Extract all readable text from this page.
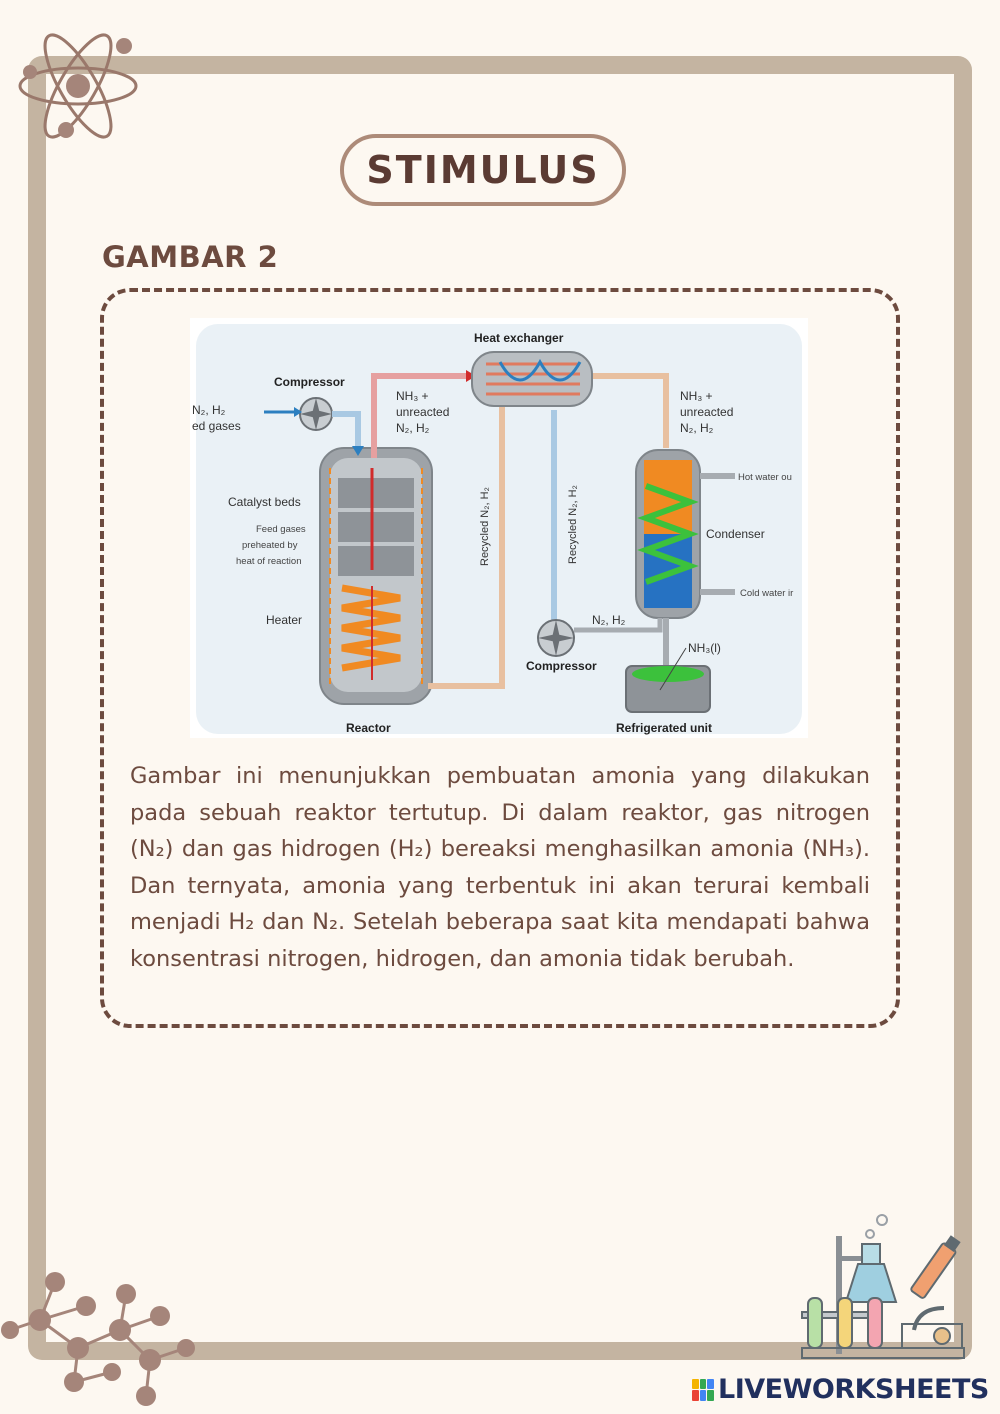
STIMULUS
GAMBAR 2
Heat exchanger
Compressor
Reactor
Compressor
Refrigerated unit
N₂, H₂
ed gases
NH₃ +
unreacted
N₂, H₂
NH₃ +
unreacted
N₂, H₂
Catalyst beds
Heater
Condenser
N₂, H₂
NH₃(l)
Feed gases
preheated by
heat of reaction
Hot water ou
Cold water ir
Recycled N₂, H₂	Recycled N₂, H₂

Gambar ini menunjukkan pembuatan amonia yang dilakukan pada sebuah reaktor tertutup. Di dalam reaktor, gas nitrogen (N₂) dan gas hidrogen (H₂) bereaksi menghasilkan amonia (NH₃). Dan ternyata, amonia yang terbentuk ini akan terurai kembali menjadi H₂ dan N₂. Setelah beberapa saat kita mendapati bahwa konsentrasi nitrogen, hidrogen, dan amonia tidak berubah.

LIVEWORKSHEETS
